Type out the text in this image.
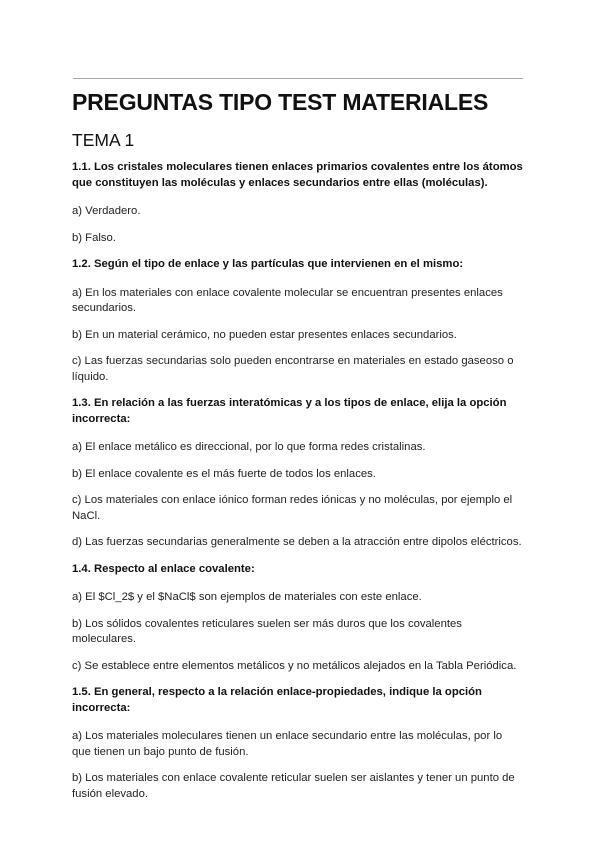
PREGUNTAS TIPO TEST MATERIALES
TEMA 1

1.1. Los cristales moleculares tienen enlaces primarios covalentes entre los átomos que constituyen las moléculas y enlaces secundarios entre ellas (moléculas).

a) Verdadero.

b) Falso.

1.2. Según el tipo de enlace y las partículas que intervienen en el mismo:

a) En los materiales con enlace covalente molecular se encuentran presentes enlaces secundarios.

b) En un material cerámico, no pueden estar presentes enlaces secundarios.

c) Las fuerzas secundarias solo pueden encontrarse en materiales en estado gaseoso o líquido.

1.3. En relación a las fuerzas interatómicas y a los tipos de enlace, elija la opción incorrecta:

a) El enlace metálico es direccional, por lo que forma redes cristalinas.

b) El enlace covalente es el más fuerte de todos los enlaces.

c) Los materiales con enlace iónico forman redes iónicas y no moléculas, por ejemplo el NaCl.

d) Las fuerzas secundarias generalmente se deben a la atracción entre dipolos eléctricos.

1.4. Respecto al enlace covalente:

a) El $Cl_2$ y el $NaCl$ son ejemplos de materiales con este enlace.

b) Los sólidos covalentes reticulares suelen ser más duros que los covalentes moleculares.

c) Se establece entre elementos metálicos y no metálicos alejados en la Tabla Periódica.

1.5. En general, respecto a la relación enlace-propiedades, indique la opción incorrecta:

a) Los materiales moleculares tienen un enlace secundario entre las moléculas, por lo que tienen un bajo punto de fusión.

b) Los materiales con enlace covalente reticular suelen ser aislantes y tener un punto de fusión elevado.
